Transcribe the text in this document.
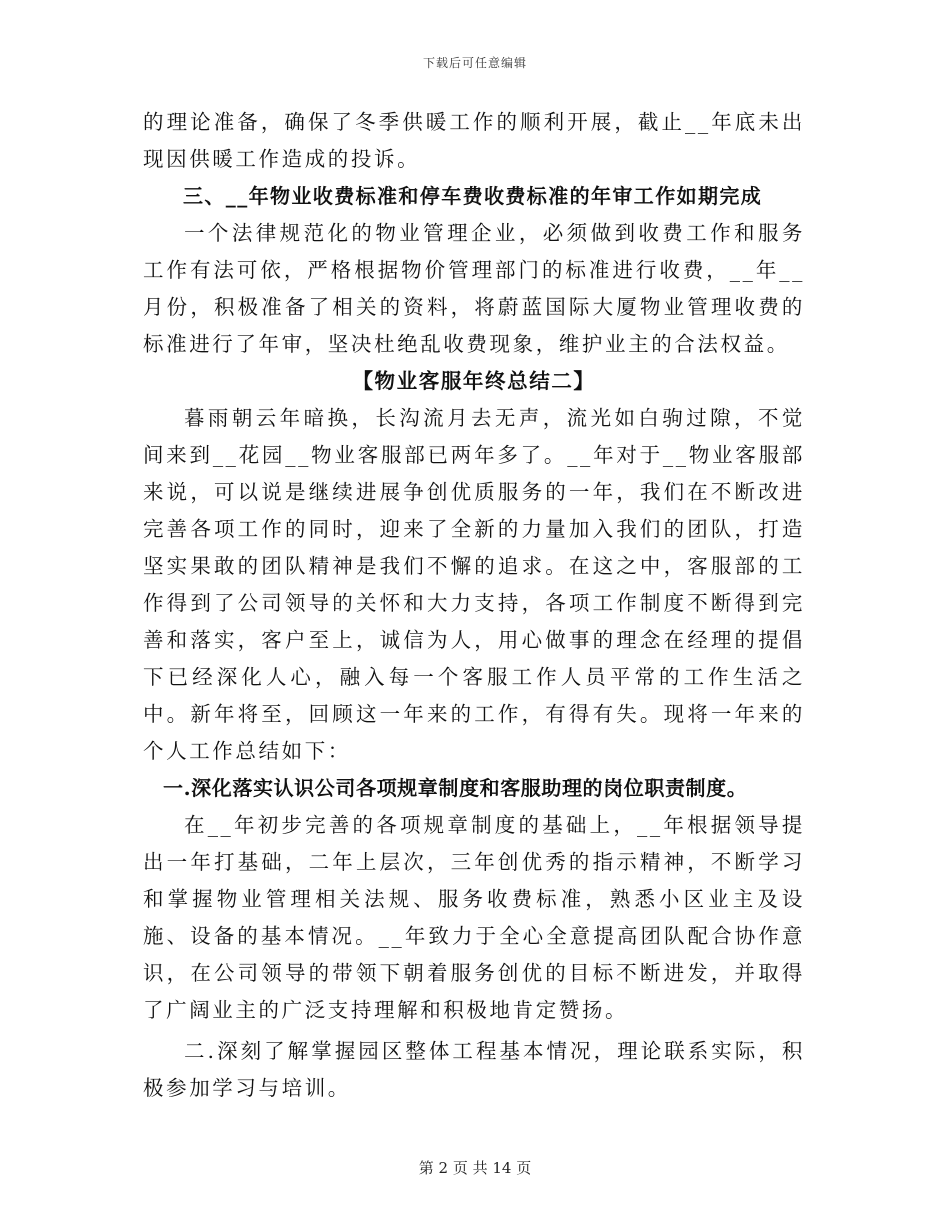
下载后可任意编辑

的理论准备，确保了冬季供暖工作的顺利开展，截止__年底未出现因供暖工作造成的投诉。

三、__年物业收费标准和停车费收费标准的年审工作如期完成

一个法律规范化的物业管理企业，必须做到收费工作和服务工作有法可依，严格根据物价管理部门的标准进行收费，__年__月份，积极准备了相关的资料，将蔚蓝国际大厦物业管理收费的标准进行了年审，坚决杜绝乱收费现象，维护业主的合法权益。

【物业客服年终总结二】

暮雨朝云年暗换，长沟流月去无声，流光如白驹过隙，不觉间来到__花园__物业客服部已两年多了。__年对于__物业客服部来说，可以说是继续进展争创优质服务的一年，我们在不断改进完善各项工作的同时，迎来了全新的力量加入我们的团队，打造坚实果敢的团队精神是我们不懈的追求。在这之中，客服部的工作得到了公司领导的关怀和大力支持，各项工作制度不断得到完善和落实，客户至上，诚信为人，用心做事的理念在经理的提倡下已经深化人心，融入每一个客服工作人员平常的工作生活之中。新年将至，回顾这一年来的工作，有得有失。现将一年来的个人工作总结如下：

一.深化落实认识公司各项规章制度和客服助理的岗位职责制度。

在__年初步完善的各项规章制度的基础上，__年根据领导提出一年打基础，二年上层次，三年创优秀的指示精神，不断学习和掌握物业管理相关法规、服务收费标准，熟悉小区业主及设施、设备的基本情况。__年致力于全心全意提高团队配合协作意识，在公司领导的带领下朝着服务创优的目标不断进发，并取得了广阔业主的广泛支持理解和积极地肯定赞扬。

二.深刻了解掌握园区整体工程基本情况，理论联系实际，积极参加学习与培训。

第 2 页 共 14 页
